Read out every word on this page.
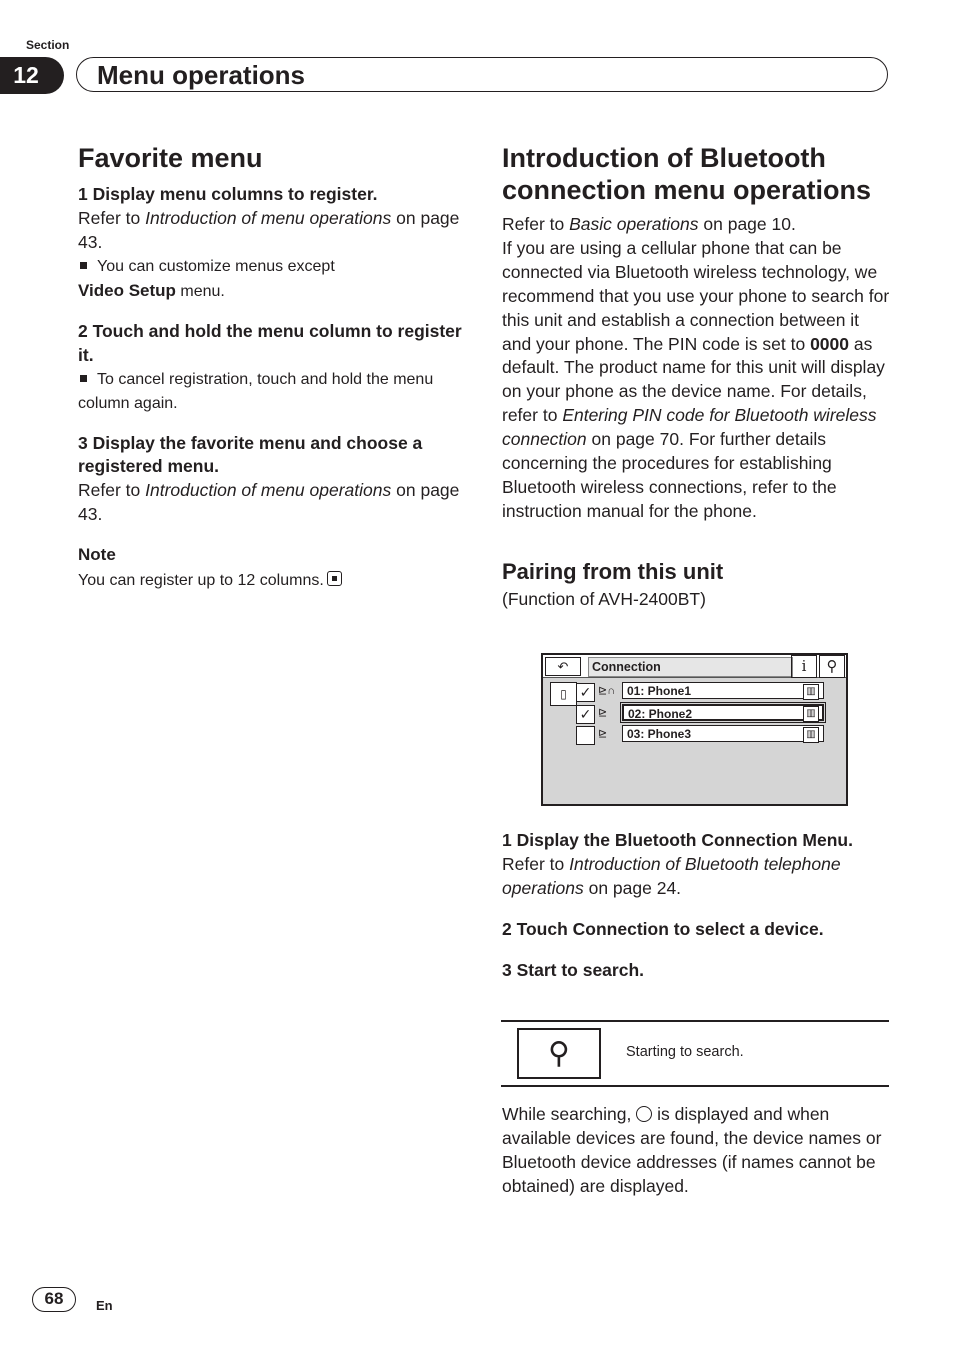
Section
12	Menu operations
Favorite menu

1 Display menu columns to register.

Refer to Introduction of menu operations on page 43.

You can customize menus except
Video Setup menu.

2 Touch and hold the menu column to register it.

To cancel registration, touch and hold the menu column again.

3 Display the favorite menu and choose a registered menu.

Refer to Introduction of menu operations on page 43.

Note

You can register up to 12 columns.

Introduction of Bluetooth connection menu operations

Refer to Basic operations on page 10.

If you are using a cellular phone that can be connected via Bluetooth wireless technology, we recommend that you use your phone to search for this unit and establish a connection between it and your phone. The PIN code is set to 0000 as default. The product name for this unit will display on your phone as the device name. For details, refer to Entering PIN code for Bluetooth wireless connection on page 70. For further details concerning the procedures for establishing Bluetooth wireless connections, refer to the instruction manual for the phone.

Pairing from this unit

(Function of AVH-2400BT)

↶	Connection	i	⚲
▯ ✓ ⊵∩ 01: Phone1	▥
✓ ⊵	02: Phone2	▥
⊵	03: Phone3	▥

1 Display the Bluetooth Connection Menu.

Refer to Introduction of Bluetooth telephone operations on page 24.

2 Touch Connection to select a device.

3 Start to search.

⚲	Starting to search.

While searching,  is displayed and when available devices are found, the device names or Bluetooth device addresses (if names cannot be obtained) are displayed.

68	En
